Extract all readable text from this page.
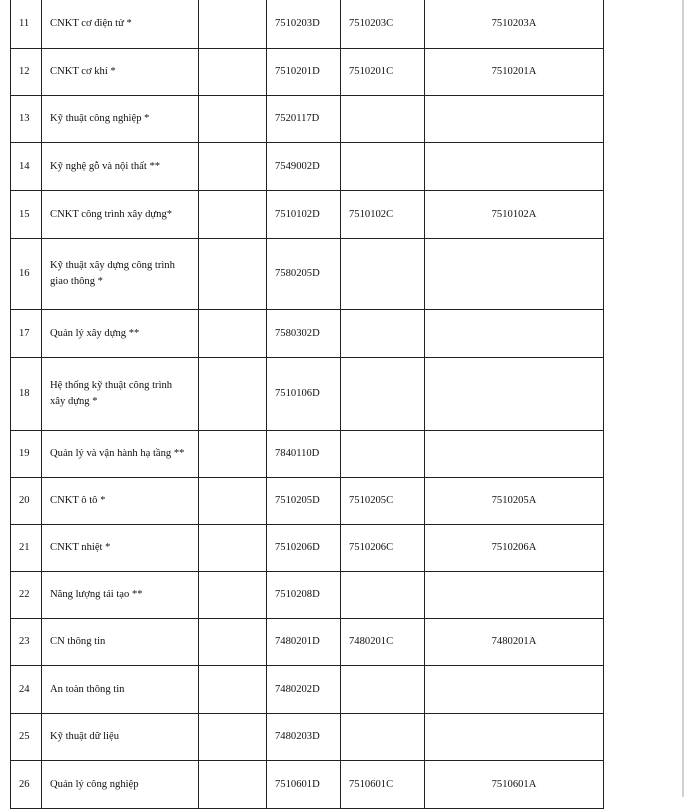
11	CNKT cơ điện tử *		7510203D	7510203C	7510203A
12	CNKT cơ khí *		7510201D	7510201C	7510201A
13	Kỹ thuật công nghiệp *		7520117D		
14	Kỹ nghệ gỗ và nội thất **		7549002D		
15	CNKT công trình xây dựng*		7510102D	7510102C	7510102A
16	Kỹ thuật xây dựng công trình giao thông *		7580205D		
17	Quản lý xây dựng **		7580302D		
18	Hệ thống kỹ thuật công trình xây dựng *		7510106D		
19	Quản lý và vận hành hạ tầng **		7840110D		
20	CNKT ô tô *		7510205D	7510205C	7510205A
21	CNKT nhiệt *		7510206D	7510206C	7510206A
22	Năng lượng tái tạo **		7510208D		
23	CN thông tin		7480201D	7480201C	7480201A
24	An toàn thông tin		7480202D		
25	Kỹ thuật dữ liệu		7480203D		
26	Quản lý công nghiệp		7510601D	7510601C	7510601A
